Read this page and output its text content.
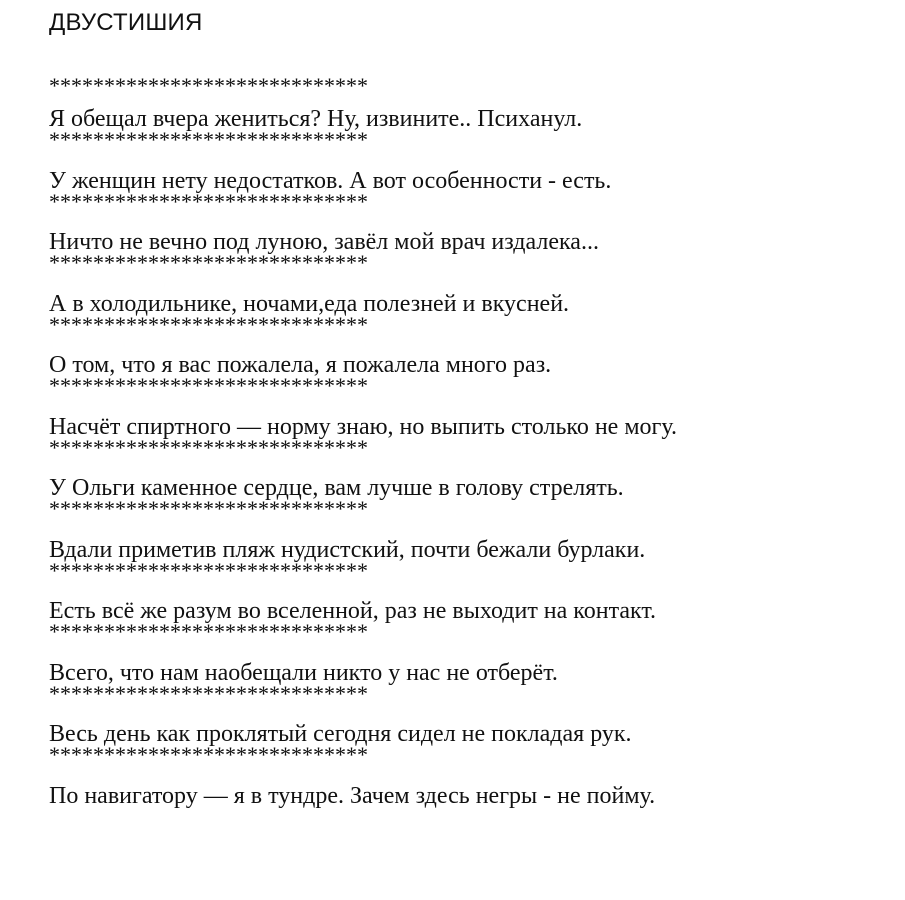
ДВУСТИШИЯ
*****************************
Я обещал вчера жениться? Ну, извините.. Психанул.
*****************************
У женщин нету недостатков. А вот особенности - есть.
*****************************
Ничто не вечно под луною, завёл мой врач издалека...
*****************************
А в холодильнике, ночами,еда полезней и вкусней.
*****************************
О том, что я вас пожалела, я пожалела много раз.
*****************************
Насчёт спиртного — норму знаю, но выпить столько не могу.
*****************************
У Ольги каменное сердце, вам лучше в голову стрелять.
*****************************
Вдали приметив пляж нудистский, почти бежали бурлаки.
*****************************
Есть всё же разум во вселенной, раз не выходит на контакт.
*****************************
Всего, что нам наобещали никто у нас не отберёт.
*****************************
Весь день как проклятый сегодня сидел не покладая рук.
*****************************
По навигатору — я в тундре. Зачем здесь негры - не пойму.
